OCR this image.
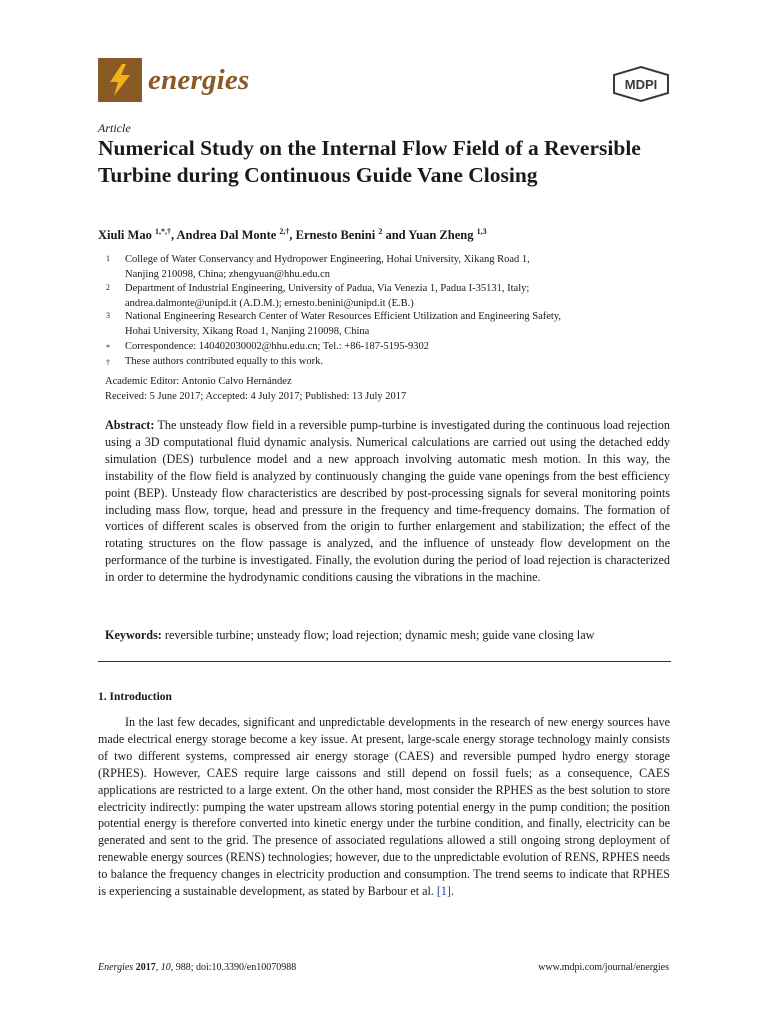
energies	MDPI
Article
Numerical Study on the Internal Flow Field of a Reversible Turbine during Continuous Guide Vane Closing
Xiuli Mao $^{1,*,\dagger}$, Andrea Dal Monte $^{2,\dagger}$, Ernesto Benini $^2$ and Yuan Zheng $^{1,3}$
1	College of Water Conservancy and Hydropower Engineering, Hohai University, Xikang Road 1,
Nanjing 210098, China; zhengyuan@hhu.edu.cn
2	Department of Industrial Engineering, University of Padua, Via Venezia 1, Padua I-35131, Italy;
andrea.dalmonte@unipd.it (A.D.M.); ernesto.benini@unipd.it (E.B.)
3	National Engineering Research Center of Water Resources Efficient Utilization and Engineering Safety,
Hohai University, Xikang Road 1, Nanjing 210098, China
*	Correspondence: 140402030002@hhu.edu.cn; Tel.: +86-187-5195-9302
†	These authors contributed equally to this work.
Academic Editor: Antonio Calvo Hernández
Received: 5 June 2017; Accepted: 4 July 2017; Published: 13 July 2017
Abstract: The unsteady flow field in a reversible pump-turbine is investigated during the continuous load rejection using a 3D computational fluid dynamic analysis. Numerical calculations are carried out using the detached eddy simulation (DES) turbulence model and a new approach involving automatic mesh motion. In this way, the instability of the flow field is analyzed by continuously changing the guide vane openings from the best efficiency point (BEP). Unsteady flow characteristics are described by post-processing signals for several monitoring points including mass flow, torque, head and pressure in the frequency and time-frequency domains. The formation of vortices of different scales is observed from the origin to further enlargement and stabilization; the effect of the rotating structures on the flow passage is analyzed, and the influence of unsteady flow development on the performance of the turbine is investigated. Finally, the evolution during the period of load rejection is characterized in order to determine the hydrodynamic conditions causing the vibrations in the machine.
Keywords: reversible turbine; unsteady flow; load rejection; dynamic mesh; guide vane closing law
1. Introduction
In the last few decades, significant and unpredictable developments in the research of new energy sources have made electrical energy storage become a key issue. At present, large-scale energy storage technology mainly consists of two different systems, compressed air energy storage (CAES) and reversible pumped hydro energy storage (RPHES). However, CAES require large caissons and still depend on fossil fuels; as a consequence, CAES applications are restricted to a large extent. On the other hand, most consider the RPHES as the best solution to store electricity indirectly: pumping the water upstream allows storing potential energy in the pump condition; the position potential energy is therefore converted into kinetic energy under the turbine condition, and finally, electricity can be generated and sent to the grid. The presence of associated regulations allowed a still ongoing strong deployment of renewable energy sources (RENS) technologies; however, due to the unpredictable evolution of RENS, RPHES needs to balance the frequency changes in electricity production and consumption. The trend seems to indicate that RPHES is experiencing a sustainable development, as stated by Barbour et al. [1].
Energies 2017, 10, 988; doi:10.3390/en10070988	www.mdpi.com/journal/energies
